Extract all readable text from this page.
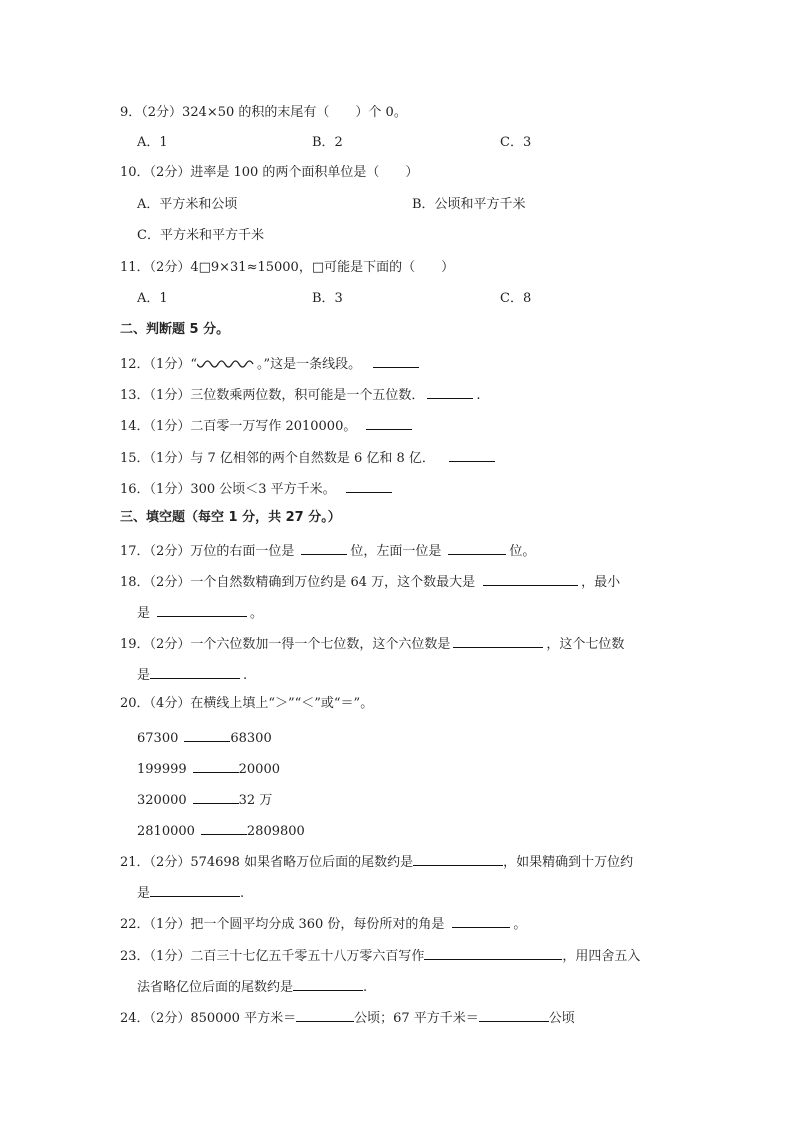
9．（2分）324×50 的积的末尾有（　　）个 0。
A．1	B．2	C．3
10．（2分）进率是 100 的两个面积单位是（　　）
A．平方米和公顷	B．公顷和平方千米
C．平方米和平方千米
11．（2分）4□9×31≈15000，□可能是下面的（　　）
A．1	B．3	C．8
二、判断题 5 分。
12．（1分）“	。”这是一条线段。
13．（1分）三位数乘两位数，积可能是一个五位数．	.
14．（1分）二百零一万写作 2010000。
15．（1分）与 7 亿相邻的两个自然数是 6 亿和 8 亿．
16．（1分）300 公顷＜3 平方千米。
三、填空题（每空 1 分，共 27 分。）
17．（2分）万位的右面一位是	位，左面一位是	位。
18．（2分）一个自然数精确到万位约是 64 万，这个数最大是	，最小
是	。
19．（2分）一个六位数加一得一个七位数，这个六位数是	，这个七位数
是	.
20．（4分）在横线上填上“＞”“＜”或“＝”。
67300	68300
199999	20000
320000	32 万
2810000	2809800
21．（2分）574698 如果省略万位后面的尾数约是	，如果精确到十万位约
是	.
22．（1分）把一个圆平均分成 360 份，每份所对的角是	。
23．（1分）二百三十七亿五千零五十八万零六百写作	，用四舍五入
法省略亿位后面的尾数约是	.
24．（2分）850000 平方米＝	公顷；67 平方千米＝	公顷
